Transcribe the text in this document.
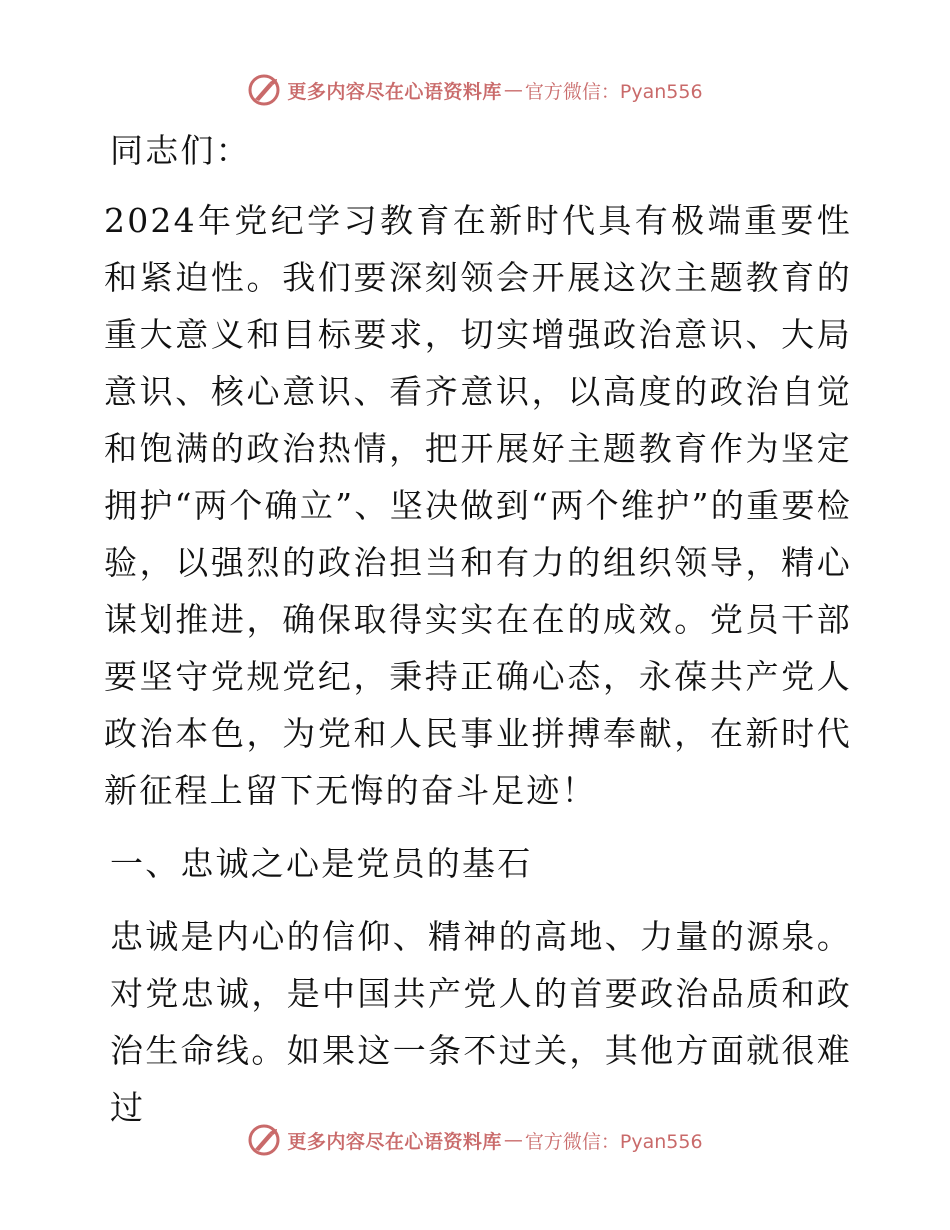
更多内容尽在心语资料库 — 官方微信：Pyan556

同志们：

2024年党纪学习教育在新时代具有极端重要性和紧迫性。我们要深刻领会开展这次主题教育的重大意义和目标要求，切实增强政治意识、大局意识、核心意识、看齐意识，以高度的政治自觉和饱满的政治热情，把开展好主题教育作为坚定拥护“两个确立”、坚决做到“两个维护”的重要检验，以强烈的政治担当和有力的组织领导，精心谋划推进，确保取得实实在在的成效。党员干部要坚守党规党纪，秉持正确心态，永葆共产党人政治本色，为党和人民事业拼搏奉献，在新时代新征程上留下无悔的奋斗足迹！

一、忠诚之心是党员的基石

忠诚是内心的信仰、精神的高地、力量的源泉。对党忠诚，是中国共产党人的首要政治品质和政治生命线。如果这一条不过关，其他方面就很难过

更多内容尽在心语资料库 — 官方微信：Pyan556
